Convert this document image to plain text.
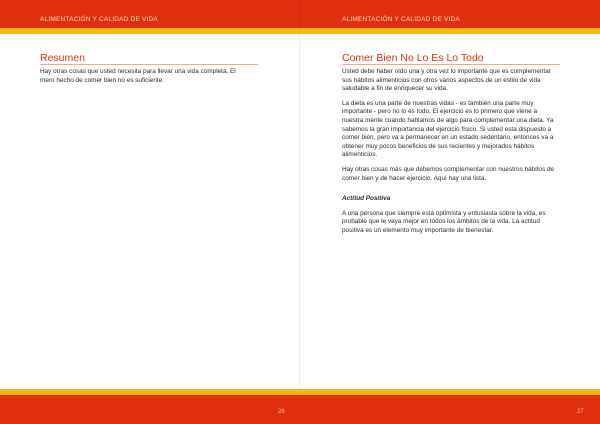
ALIMENTACIÓN Y CALIDAD DE VIDA	ALIMENTACIÓN Y CALIDAD DE VIDA
Resumen

Hay otras cosas que usted necesita para llevar una vida completa. El mero hecho de comer bien no es suficiente.

Comer Bien No Lo Es Lo Todo

Usted debe haber oído una y otra vez lo importante que es complementar sus hábitos alimenticios con otros varios aspectos de un estilo de vida saludable a fin de enriquecer su vida.

La dieta es una parte de nuestras vidas - es también una parte muy importante - pero no lo es todo. El ejercicio es lo primero que viene a nuestra mente cuando hablamos de algo para complementar una dieta. Ya sabemos la gran importancia del ejercicio físico. Si usted esta dispuesto a comer bien, pero va a permanecer en un estado sedentario, entonces va a obtener muy pocos beneficios de sus recientes y mejorados hábitos alimenticios.

Hay otras cosas más que debemos complementar con nuestros hábitos de comer bien y de hacer ejercicio. Aquí hay una lista.

Actitud Positiva

A una persona que siempre está optimista y entusiasta sobre la vida, es probable que le vaya mejor en todos los ámbitos de la vida. La actitud positiva es un elemento muy importante de bienestar.

26	27
